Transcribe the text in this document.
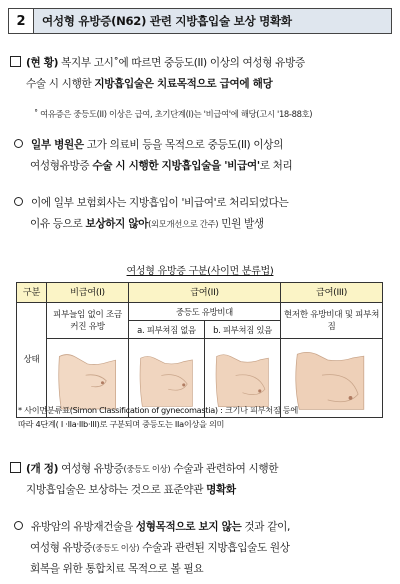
2	여성형 유방증(N62) 관련 지방흡입술 보상 명확화
(현 황) 복지부 고시˚에 따르면 중등도(II) 이상의 여성형 유방증
수술 시 시행한 지방흡입술은 치료목적으로 급여에 해당
˚ 여유증은 중등도(II) 이상은 급여, 초기단계(I)는 '비급여'에 해당(고시 '18-88호)
일부 병원은 고가 의료비 등을 목적으로 중등도(II) 이상의
여성형유방증 수술 시 시행한 지방흡입술을 '비급여'로 처리
이에 일부 보험회사는 지방흡입이 '비급여'로 처리되었다는
이유 등으로 보상하지 않아(외모개선으로 간주) 민원 발생
여성형 유방증 구분(사이먼 분류법)
구분	비급여(I)	급여(II)		급여(III)
상태	피부늘임 없이 조금 커진 유방	중등도 유방비대		현저한 유방비대 및 피부쳐짐
		a. 피부쳐짐 없음	b. 피부쳐짐 있음	

* 사이먼분류표(Simon Classification of gynecomastia) : 크기나 피부처짐 등에
따라 4단계( I ·IIa·IIb·III)로 구분되며 중등도는 IIa이상을 의미
(개 정) 여성형 유방증(중등도 이상) 수술과 관련하여 시행한
지방흡입술은 보상하는 것으로 표준약관 명확화
유방암의 유방재건술을 성형목적으로 보지 않는 것과 같이,
여성형 유방증(중등도 이상) 수술과 관련된 지방흡입술도 원상
회복을 위한 통합치료 목적으로 볼 필요
